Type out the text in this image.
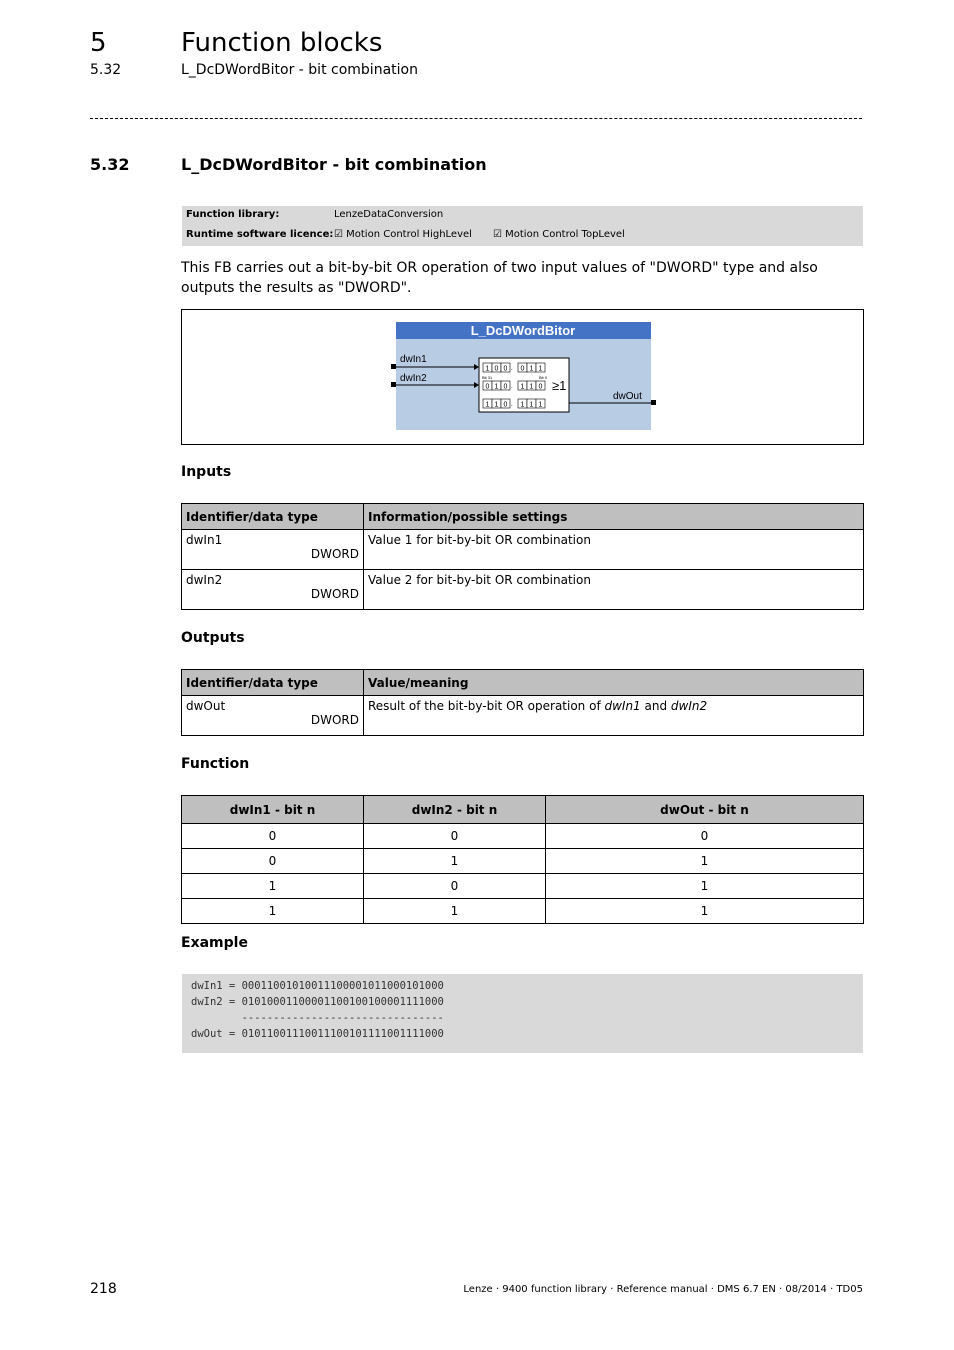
5	Function blocks
5.32	L_DcDWordBitor - bit combination
5.32	L_DcDWordBitor - bit combination
Function library:	LenzeDataConversion
Runtime software licence: ☑ Motion Control HighLevel ☑ Motion Control TopLevel
This FB carries out a bit-by-bit OR operation of two input values of "DWORD" type and also outputs the results as "DWORD".
L_DcDWordBitor
dwIn1
dwIn2
dwOut
≥1
Bit 31	Bit 0
1 0 0 0 1 1
.
0 1 0 1 1 0
.
1 1 0 1 1 1
.
Inputs
Identifier/data type	Information/possible settings

dwIn1
DWORD	Value 1 for bit-by-bit OR combination

dwIn2
DWORD	Value 2 for bit-by-bit OR combination
Outputs
Identifier/data type	Value/meaning

dwOut
DWORD	Result of the bit-by-bit OR operation of dwIn1 and dwIn2
Function
dwIn1 - bit n	dwIn2 - bit n	dwOut - bit n
0	0	0
0	1	1
1	0	1
1	1	1
Example
dwIn1 = 00011001010011100001011000101000
dwIn2 = 01010001100001100100100001111000
--------------------------------
dwOut = 01011001110011100101111001111000
218	Lenze · 9400 function library · Reference manual · DMS 6.7 EN · 08/2014 · TD05
